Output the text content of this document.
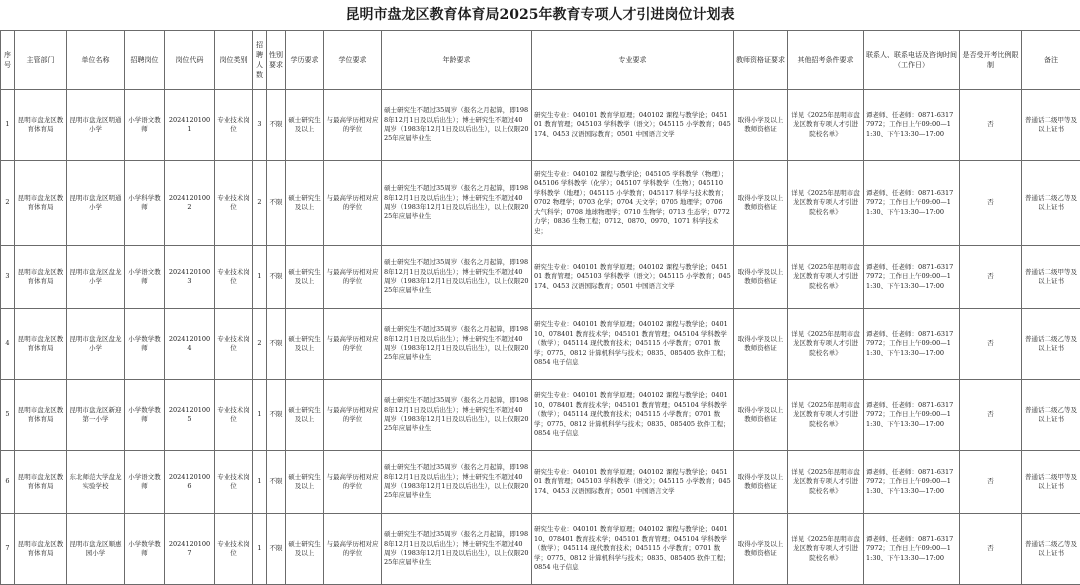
昆明市盘龙区教育体育局2025年教育专项人才引进岗位计划表
序号	主管部门	单位名称	招聘岗位	岗位代码	岗位类别	招聘人数	性别要求	学历要求	学位要求	年龄要求	专业要求	教师资格证要求	其他招考条件要求	联系人、联系电话及咨询时间（工作日）	是否受开考比例限制	备注
1	昆明市盘龙区教育体育局	昆明市盘龙区明通小学	小学语文教师	20241201001	专业技术岗位	3	不限	硕士研究生及以上	与最高学历相对应的学位	硕士研究生不超过35周岁（报名之月起算，即1988年12月1日及以后出生）；博士研究生不超过40周岁（1983年12月1日及以后出生），以上仅限2025年应届毕业生	研究生专业：040101 教育学原理；040102 课程与教学论；045101 教育管理；045103 学科教学（语文）；045115 小学教育；045174、0453 汉语国际教育；0501 中国语言文学	取得小学及以上教师资格证	详见《2025年昆明市盘龙区教育专项人才引进院校名单》	谭老师、任老师：0871-63177972；工作日上午09:00—11:30、下午13:30—17:00	否	普通话二级甲等及以上证书
2	昆明市盘龙区教育体育局	昆明市盘龙区明通小学	小学科学教师	20241201002	专业技术岗位	2	不限	硕士研究生及以上	与最高学历相对应的学位	硕士研究生不超过35周岁（报名之月起算，即1988年12月1日及以后出生）；博士研究生不超过40周岁（1983年12月1日及以后出生），以上仅限2025年应届毕业生	研究生专业：040102 课程与教学论；045105 学科教学（物理）；045106 学科教学（化学）；045107 学科教学（生物）；045110 学科教学（地理）；045115 小学教育；045117 科学与技术教育；0702 物理学；0703 化学；0704 天文学；0705 地理学；0706 大气科学；0708 地球物理学；0710 生物学；0713 生态学；0772 力学；0836 生物工程；0712、0870、0970、1071 科学技术史；	取得小学及以上教师资格证	详见《2025年昆明市盘龙区教育专项人才引进院校名单》	谭老师、任老师：0871-63177972；工作日上午09:00—11:30、下午13:30—17:00	否	普通话二级乙等及以上证书
3	昆明市盘龙区教育体育局	昆明市盘龙区盘龙小学	小学语文教师	20241201003	专业技术岗位	1	不限	硕士研究生及以上	与最高学历相对应的学位	硕士研究生不超过35周岁（报名之月起算，即1988年12月1日及以后出生）；博士研究生不超过40周岁（1983年12月1日及以后出生），以上仅限2025年应届毕业生	研究生专业：040101 教育学原理；040102 课程与教学论；045101 教育管理；045103 学科教学（语文）；045115 小学教育；045174、0453 汉语国际教育；0501 中国语言文学	取得小学及以上教师资格证	详见《2025年昆明市盘龙区教育专项人才引进院校名单》	谭老师、任老师：0871-63177972；工作日上午09:00—11:30、下午13:30—17:00	否	普通话二级甲等及以上证书
4	昆明市盘龙区教育体育局	昆明市盘龙区盘龙小学	小学数学教师	20241201004	专业技术岗位	2	不限	硕士研究生及以上	与最高学历相对应的学位	硕士研究生不超过35周岁（报名之月起算，即1988年12月1日及以后出生）；博士研究生不超过40周岁（1983年12月1日及以后出生），以上仅限2025年应届毕业生	研究生专业：040101 教育学原理；040102 课程与教学论；040110、078401 教育技术学；045101 教育管理；045104 学科教学（数学）；045114 现代教育技术；045115 小学教育；0701 数学；0775、0812 计算机科学与技术；0835、085405 软件工程；0854 电子信息	取得小学及以上教师资格证	详见《2025年昆明市盘龙区教育专项人才引进院校名单》	谭老师、任老师：0871-63177972；工作日上午09:00—11:30、下午13:30—17:00	否	普通话二级乙等及以上证书
5	昆明市盘龙区教育体育局	昆明市盘龙区新迎第一小学	小学数学教师	20241201005	专业技术岗位	1	不限	硕士研究生及以上	与最高学历相对应的学位	硕士研究生不超过35周岁（报名之月起算，即1988年12月1日及以后出生）；博士研究生不超过40周岁（1983年12月1日及以后出生），以上仅限2025年应届毕业生	研究生专业：040101 教育学原理；040102 课程与教学论；040110、078401 教育技术学；045101 教育管理；045104 学科教学（数学）；045114 现代教育技术；045115 小学教育；0701 数学；0775、0812 计算机科学与技术；0835、085405 软件工程；0854 电子信息	取得小学及以上教师资格证	详见《2025年昆明市盘龙区教育专项人才引进院校名单》	谭老师、任老师：0871-63177972；工作日上午09:00—11:30、下午13:30—17:00	否	普通话二级乙等及以上证书
6	昆明市盘龙区教育体育局	东北师范大学盘龙实验学校	小学语文教师	20241201006	专业技术岗位	1	不限	硕士研究生及以上	与最高学历相对应的学位	硕士研究生不超过35周岁（报名之月起算，即1988年12月1日及以后出生）；博士研究生不超过40周岁（1983年12月1日及以后出生），以上仅限2025年应届毕业生	研究生专业：040101 教育学原理；040102 课程与教学论；045101 教育管理；045103 学科教学（语文）；045115 小学教育；045174、0453 汉语国际教育；0501 中国语言文学	取得小学及以上教师资格证	详见《2025年昆明市盘龙区教育专项人才引进院校名单》	谭老师、任老师：0871-63177972；工作日上午09:00—11:30、下午13:30—17:00	否	普通话二级甲等及以上证书
7	昆明市盘龙区教育体育局	昆明市盘龙区顺惠园小学	小学数学教师	20241201007	专业技术岗位	1	不限	硕士研究生及以上	与最高学历相对应的学位	硕士研究生不超过35周岁（报名之月起算，即1988年12月1日及以后出生）；博士研究生不超过40周岁（1983年12月1日及以后出生），以上仅限2025年应届毕业生	研究生专业：040101 教育学原理；040102 课程与教学论；040110、078401 教育技术学；045101 教育管理；045104 学科教学（数学）；045114 现代教育技术；045115 小学教育；0701 数学；0775、0812 计算机科学与技术；0835、085405 软件工程；0854 电子信息	取得小学及以上教师资格证	详见《2025年昆明市盘龙区教育专项人才引进院校名单》	谭老师、任老师：0871-63177972；工作日上午09:00—11:30、下午13:30—17:00	否	普通话二级乙等及以上证书
